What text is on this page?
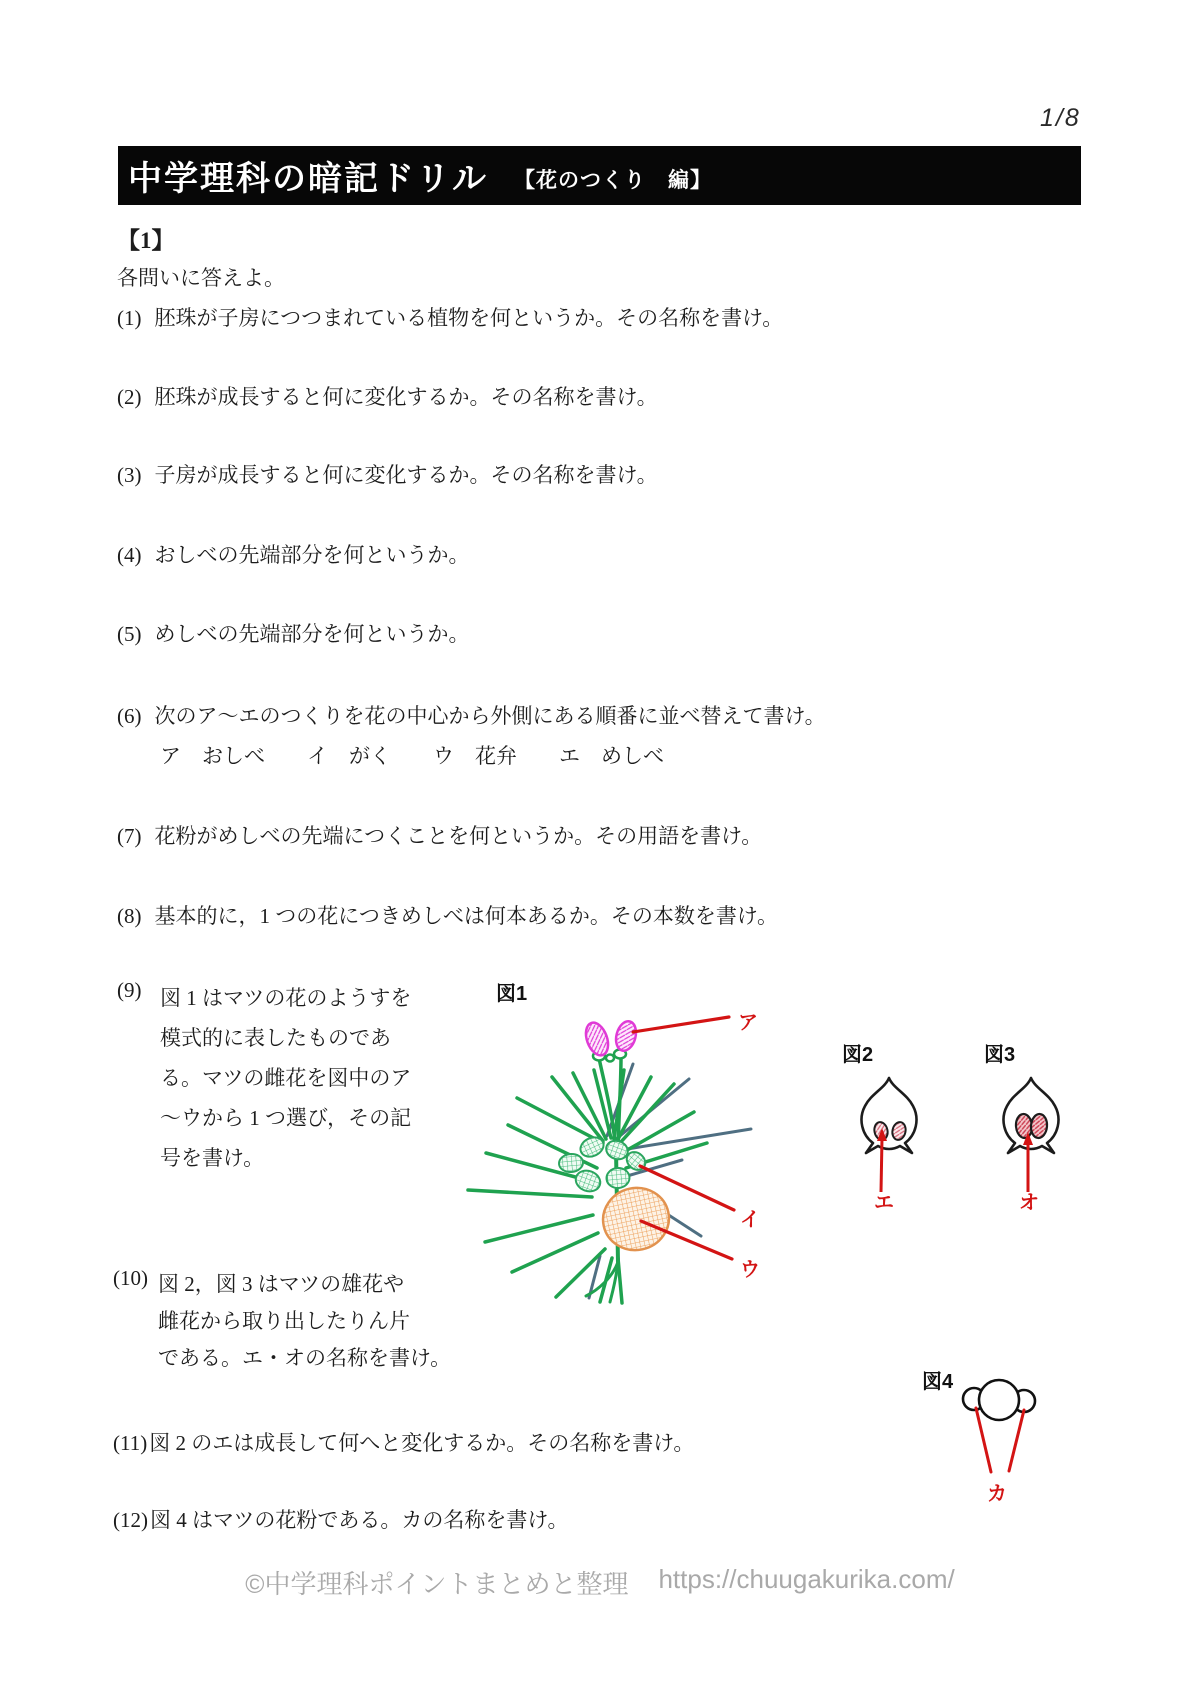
1/8
中学理科の暗記ドリル 【花のつくり　編】
【1】
各問いに答えよ。
(1) 胚珠が子房につつまれている植物を何というか。その名称を書け。
(2) 胚珠が成長すると何に変化するか。その名称を書け。
(3) 子房が成長すると何に変化するか。その名称を書け。
(4) おしべの先端部分を何というか。
(5) めしべの先端部分を何というか。
(6) 次のア～エのつくりを花の中心から外側にある順番に並べ替えて書け。
ア　おしべ　　イ　がく　　ウ　花弁　　エ　めしべ
(7) 花粉がめしべの先端につくことを何というか。その用語を書け。
(8) 基本的に，1 つの花につきめしべは何本あるか。その本数を書け。
(9) 図 1 はマツの花のようすを
模式的に表したものであ
る。マツの雌花を図中のア
～ウから 1 つ選び，その記
号を書け。
(10) 図 2，図 3 はマツの雄花や
雌花から取り出したりん片
である。エ・オの名称を書け。
(11)図 2 のエは成長して何へと変化するか。その名称を書け。
(12)図 4 はマツの花粉である。カの名称を書け。
図1
図2	図3
図4
ア
イ
ウ
エ	オ
カ
©中学理科ポイントまとめと整理 https://chuugakurika.com/
